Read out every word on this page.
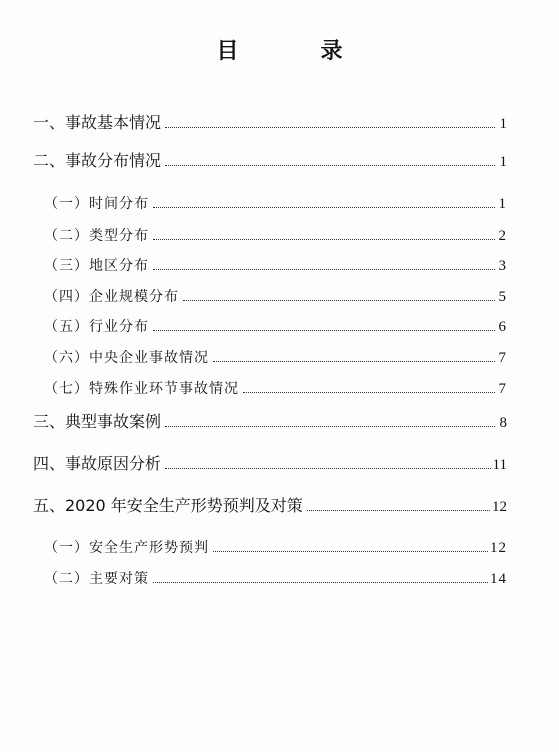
目　录
一、事故基本情况	1
二、事故分布情况	1
（一）时间分布	1
（二）类型分布	2
（三）地区分布	3
（四）企业规模分布	5
（五）行业分布	6
（六）中央企业事故情况	7
（七）特殊作业环节事故情况	7
三、典型事故案例	8
四、事故原因分析	11
五、2020 年安全生产形势预判及对策	12
（一）安全生产形势预判	12
（二）主要对策	14
